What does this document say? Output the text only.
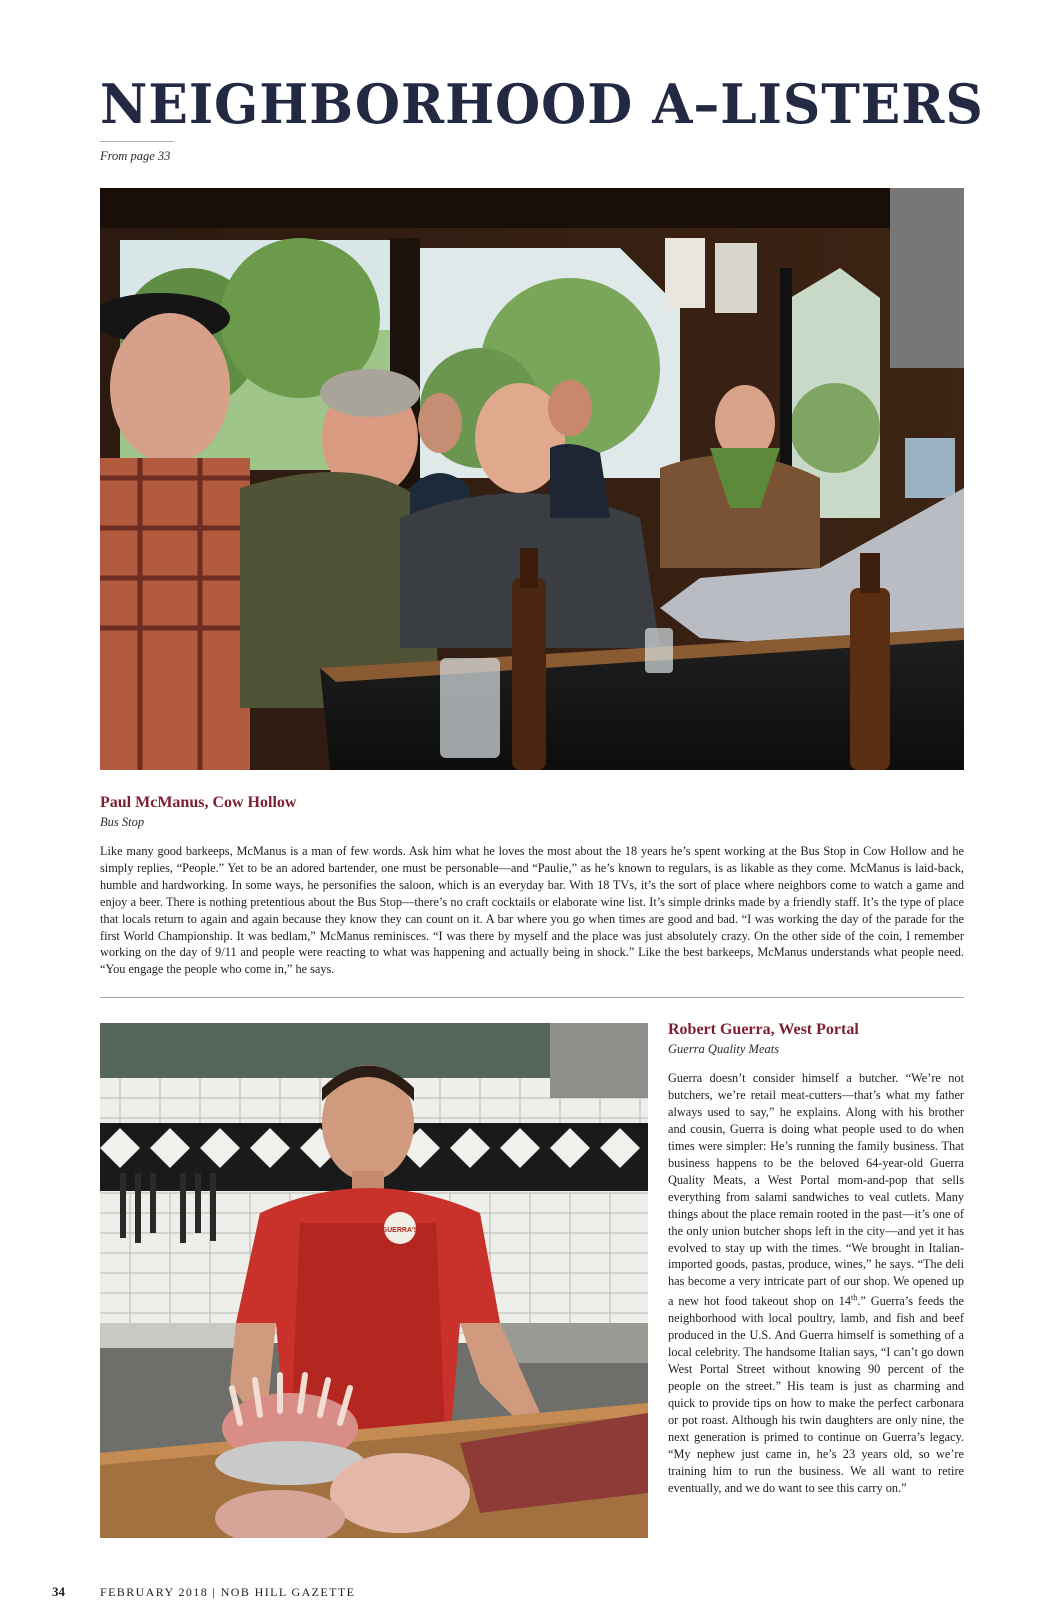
NEIGHBORHOOD A–LISTERS
From page 33
Paul McManus, Cow Hollow
Bus Stop

Like many good barkeeps, McManus is a man of few words. Ask him what he loves the most about the 18 years he’s spent working at the Bus Stop in Cow Hollow and he simply replies, “People.” Yet to be an adored bartender, one must be personable—and “Paulie,” as he’s known to regulars, is as likable as they come. McManus is laid-back, humble and hardworking. In some ways, he personifies the saloon, which is an everyday bar. With 18 TVs, it’s the sort of place where neighbors come to watch a game and enjoy a beer. There is nothing pretentious about the Bus Stop—there’s no craft cocktails or elaborate wine list. It’s simple drinks made by a friendly staff. It’s the type of place that locals return to again and again because they know they can count on it. A bar where you go when times are good and bad. “I was working the day of the parade for the first World Championship. It was bedlam,” McManus reminisces. “I was there by myself and the place was just absolutely crazy. On the other side of the coin, I remember working on the day of 9/11 and people were reacting to what was happening and actually being in shock.” Like the best barkeeps, McManus understands what people need. “You engage the people who come in,” he says.

GUERRA'S
Robert Guerra, West Portal
Guerra Quality Meats

Guerra doesn’t consider himself a butcher. “We’re not butchers, we’re retail meat-cutters—that’s what my father always used to say,” he explains. Along with his brother and cousin, Guerra is doing what people used to do when times were simpler: He’s running the family business. That business happens to be the beloved 64-year-old Guerra Quality Meats, a West Portal mom-and-pop that sells everything from salami sandwiches to veal cutlets. Many things about the place remain rooted in the past—it’s one of the only union butcher shops left in the city—and yet it has evolved to stay up with the times. “We brought in Italian-imported goods, pastas, produce, wines,” he says. “The deli has become a very intricate part of our shop. We opened up a new hot food takeout shop on 14th.” Guerra’s feeds the neighborhood with local poultry, lamb, and fish and beef produced in the U.S. And Guerra himself is something of a local celebrity. The handsome Italian says, “I can’t go down West Portal Street without knowing 90 percent of the people on the street.” His team is just as charming and quick to provide tips on how to make the perfect carbonara or pot roast. Although his twin daughters are only nine, the next generation is primed to continue on Guerra’s legacy. “My nephew just came in, he’s 23 years old, so we’re training him to run the business. We all want to retire eventually, and we do want to see this carry on.”

34	FEBRUARY 2018 | NOB HILL GAZETTE
